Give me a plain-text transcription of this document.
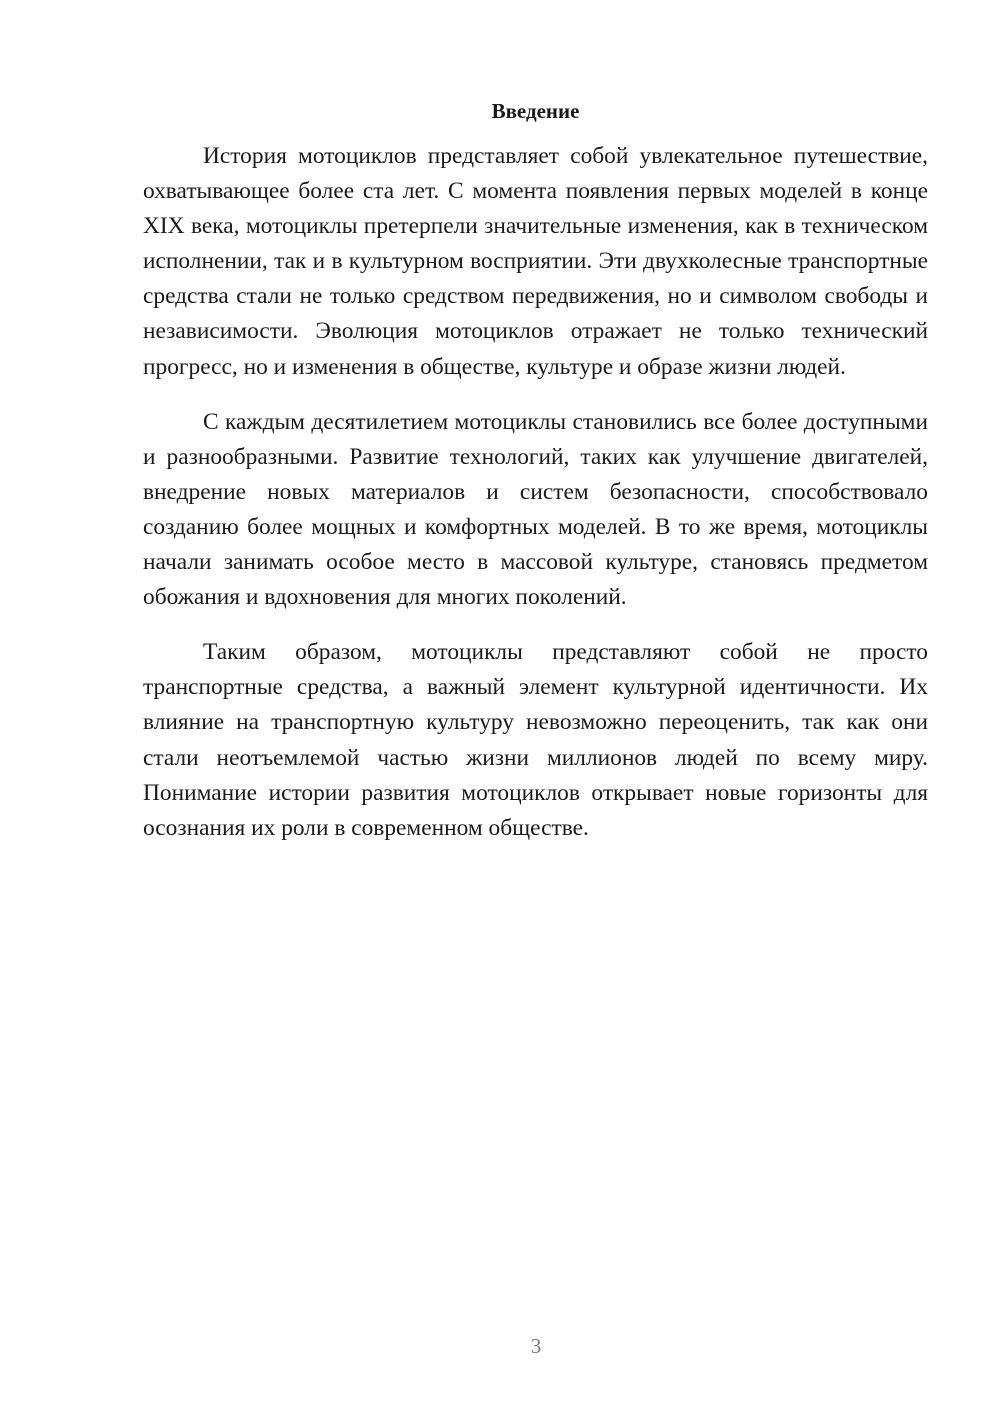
Введение

История мотоциклов представляет собой увлекательное путешествие, охватывающее более ста лет. С момента появления первых моделей в конце XIX века, мотоциклы претерпели значительные изменения, как в техническом исполнении, так и в культурном восприятии. Эти двухколесные транспортные средства стали не только средством передвижения, но и символом свободы и независимости. Эволюция мотоциклов отражает не только технический прогресс, но и изменения в обществе, культуре и образе жизни людей.

С каждым десятилетием мотоциклы становились все более доступными и разнообразными. Развитие технологий, таких как улучшение двигателей, внедрение новых материалов и систем безопасности, способствовало созданию более мощных и комфортных моделей. В то же время, мотоциклы начали занимать особое место в массовой культуре, становясь предметом обожания и вдохновения для многих поколений.

Таким образом, мотоциклы представляют собой не просто транспортные средства, а важный элемент культурной идентичности. Их влияние на транспортную культуру невозможно переоценить, так как они стали неотъемлемой частью жизни миллионов людей по всему миру. Понимание истории развития мотоциклов открывает новые горизонты для осознания их роли в современном обществе.

3
